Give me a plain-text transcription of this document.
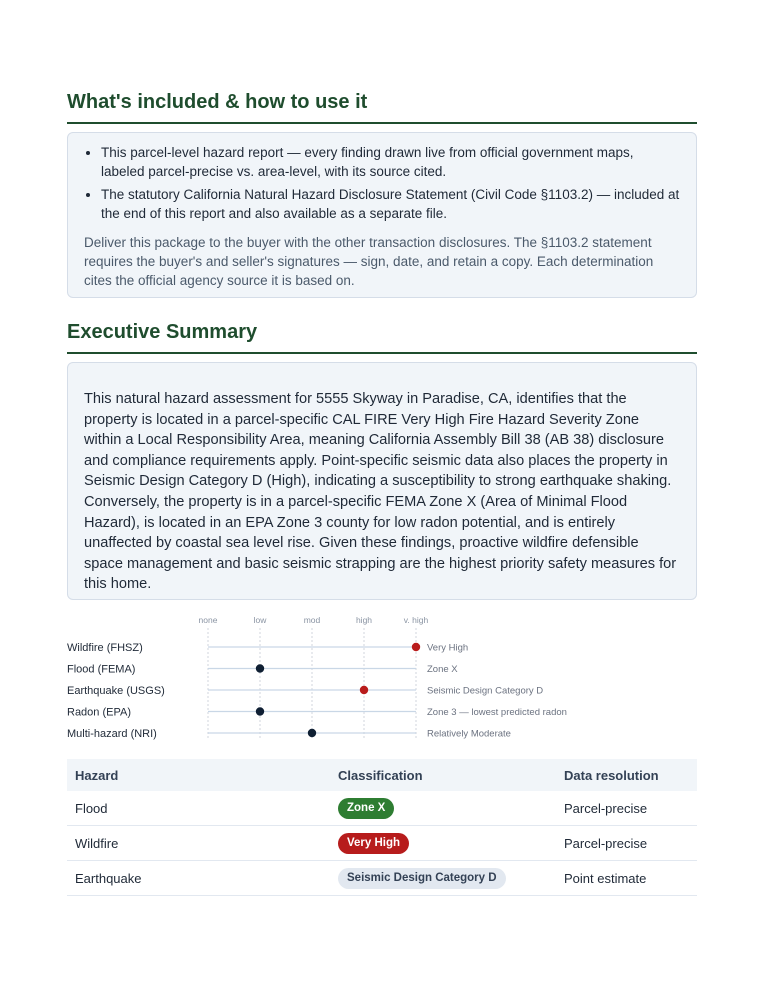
What's included & how to use it
• This parcel-level hazard report — every finding drawn live from official government maps, labeled parcel-precise vs. area-level, with its source cited.
• The statutory California Natural Hazard Disclosure Statement (Civil Code §1103.2) — included at the end of this report and also available as a separate file.

Deliver this package to the buyer with the other transaction disclosures. The §1103.2 statement requires the buyer's and seller's signatures — sign, date, and retain a copy. Each determination cites the official agency source it is based on.

Executive Summary

This natural hazard assessment for 5555 Skyway in Paradise, CA, identifies that the property is located in a parcel-specific CAL FIRE Very High Fire Hazard Severity Zone within a Local Responsibility Area, meaning California Assembly Bill 38 (AB 38) disclosure and compliance requirements apply. Point-specific seismic data also places the property in Seismic Design Category D (High), indicating a susceptibility to strong earthquake shaking. Conversely, the property is in a parcel-specific FEMA Zone X (Area of Minimal Flood Hazard), is located in an EPA Zone 3 county for low radon potential, and is entirely unaffected by coastal sea level rise. Given these findings, proactive wildfire defensible space management and basic seismic strapping are the highest priority safety measures for this home.

none	low	mod	high	v. high
Wildfire (FHSZ)	Very High
Flood (FEMA)	Zone X
Earthquake (USGS)	Seismic Design Category D
Radon (EPA)	Zone 3 — lowest predicted radon
Multi-hazard (NRI)	Relatively Moderate
Hazard	Classification	Data resolution
Flood	Zone X	Parcel-precise
Wildfire	Very High	Parcel-precise
Earthquake	Seismic Design Category D	Point estimate
